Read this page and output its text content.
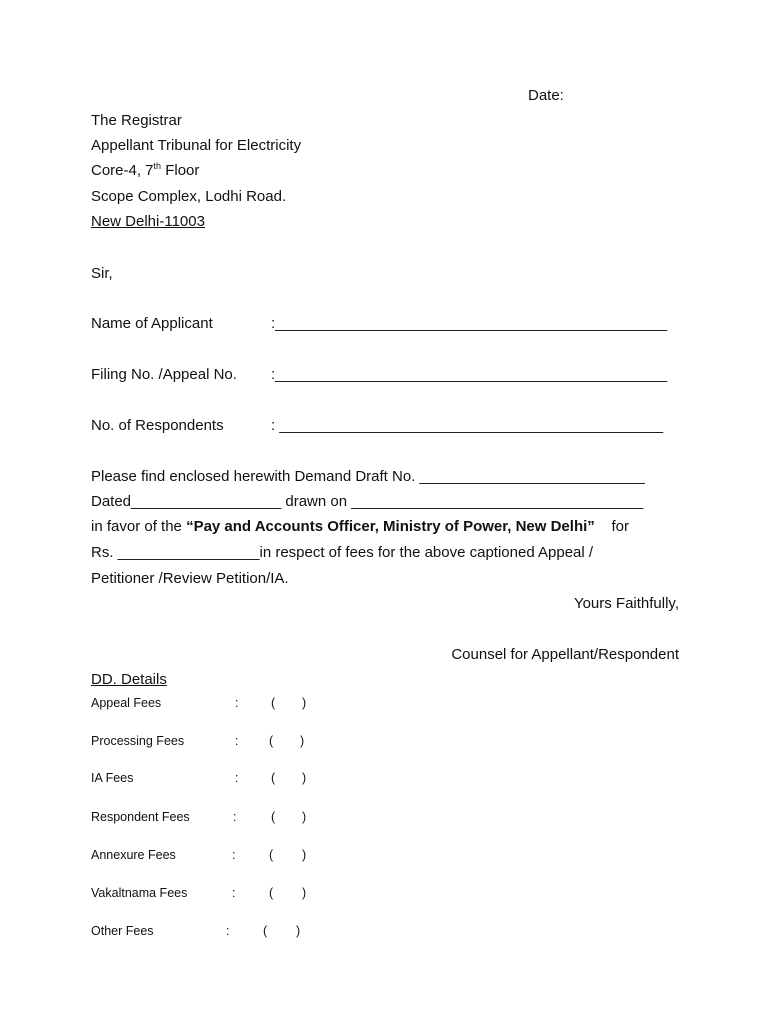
Date:
The Registrar
Appellant Tribunal for Electricity
Core-4, 7th Floor
Scope Complex, Lodhi Road.
New Delhi-11003
Sir,
Name of Applicant	:_______________________________________________
Filing No. /Appeal No. :_______________________________________________
No. of Respondents	: ______________________________________________
Please find enclosed herewith Demand Draft No. ___________________________
Dated__________________ drawn on ___________________________________
in favor of the “Pay and Accounts Officer, Ministry of Power, New Delhi”    for
Rs. _________________in respect of fees for the above captioned Appeal /
Petitioner /Review Petition/IA.
Yours Faithfully,
Counsel for Appellant/Respondent
DD. Details
Appeal Fees	:	( )
Processing Fees	: ( )
IA Fees	:	( )
Respondent Fees	:	( )
Annexure Fees	:	( )
Vakaltnama Fees	:	( )
Other Fees	:	( )
